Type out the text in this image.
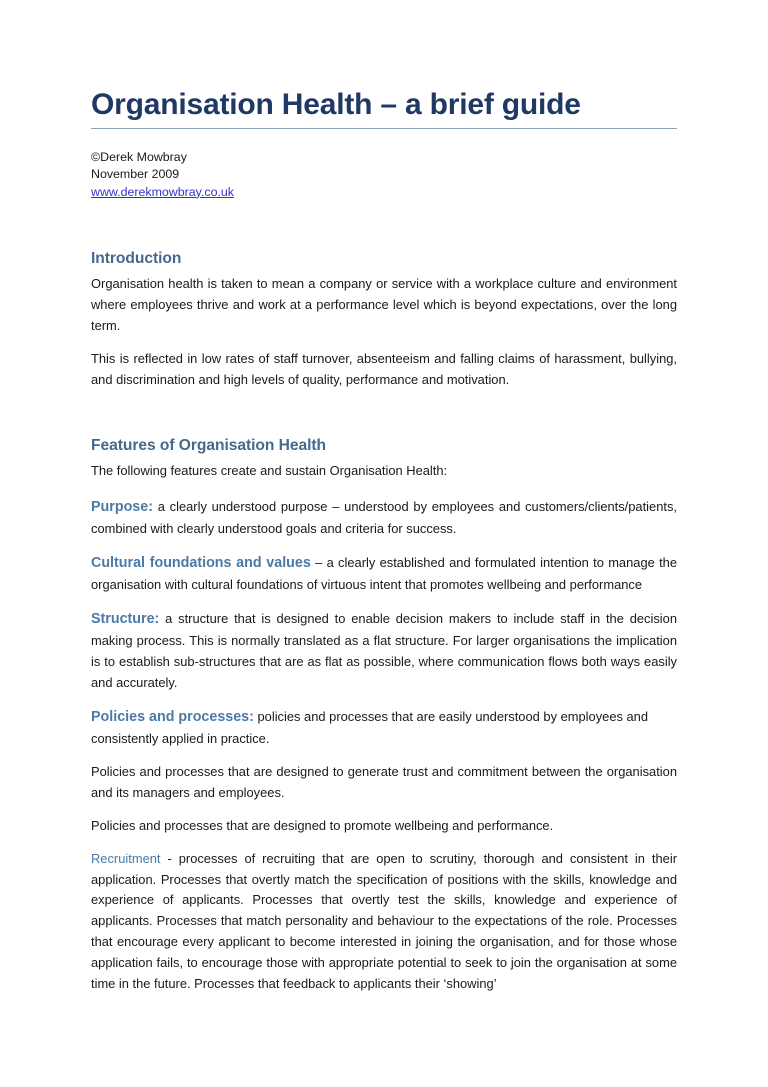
Organisation Health – a brief guide
©Derek Mowbray
November 2009
www.derekmowbray.co.uk
Introduction

Organisation health is taken to mean a company or service with a workplace culture and environment where employees thrive and work at a performance level which is beyond expectations, over the long term.

This is reflected in low rates of staff turnover, absenteeism and falling claims of harassment, bullying, and discrimination and high levels of quality, performance and motivation.

Features of Organisation Health

The following features create and sustain Organisation Health:

Purpose: a clearly understood purpose – understood by employees and customers/clients/patients, combined with clearly understood goals and criteria for success.

Cultural foundations and values – a clearly established and formulated intention to manage the organisation with cultural foundations of virtuous intent that promotes wellbeing and performance

Structure: a structure that is designed to enable decision makers to include staff in the decision making process. This is normally translated as a flat structure. For larger organisations the implication is to establish sub-structures that are as flat as possible, where communication flows both ways easily and accurately.

Policies and processes: policies and processes that are easily understood by employees and consistently applied in practice.

Policies and processes that are designed to generate trust and commitment between the organisation and its managers and employees.

Policies and processes that are designed to promote wellbeing and performance.

Recruitment - processes of recruiting that are open to scrutiny, thorough and consistent in their application. Processes that overtly match the specification of positions with the skills, knowledge and experience of applicants. Processes that overtly test the skills, knowledge and experience of applicants. Processes that match personality and behaviour to the expectations of the role. Processes that encourage every applicant to become interested in joining the organisation, and for those whose application fails, to encourage those with appropriate potential to seek to join the organisation at some time in the future. Processes that feedback to applicants their ‘showing’
